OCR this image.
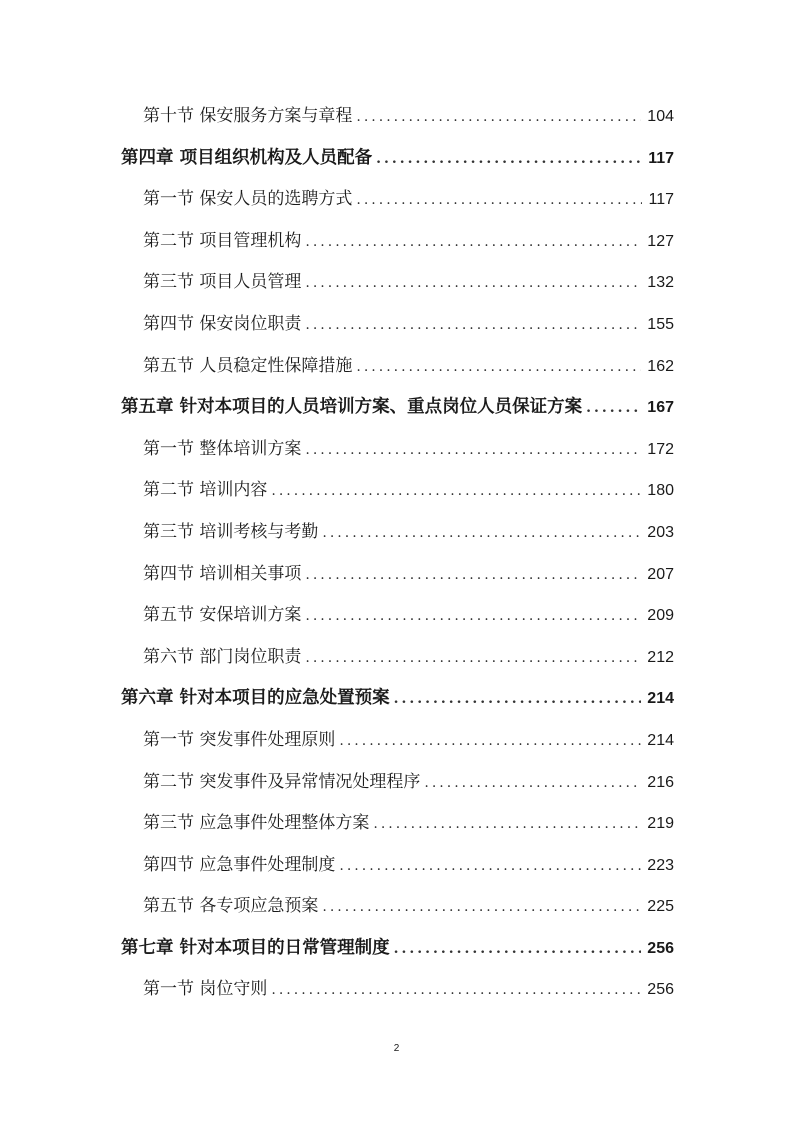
第十节 保安服务方案与章程 .....	104
第四章 项目组织机构及人员配备 .....	117
第一节 保安人员的选聘方式 .....	117
第二节 项目管理机构 .....	127
第三节 项目人员管理 .....	132
第四节 保安岗位职责 .....	155
第五节 人员稳定性保障措施 .....	162
第五章 针对本项目的人员培训方案、重点岗位人员保证方案 .....	167
第一节 整体培训方案 .....	172
第二节 培训内容 .....	180
第三节 培训考核与考勤 .....	203
第四节 培训相关事项 .....	207
第五节 安保培训方案 .....	209
第六节 部门岗位职责 .....	212
第六章 针对本项目的应急处置预案 .....	214
第一节 突发事件处理原则 .....	214
第二节 突发事件及异常情况处理程序 .....	216
第三节 应急事件处理整体方案 .....	219
第四节 应急事件处理制度 .....	223
第五节 各专项应急预案 .....	225
第七章 针对本项目的日常管理制度 .....	256
第一节 岗位守则 .....	256
2
